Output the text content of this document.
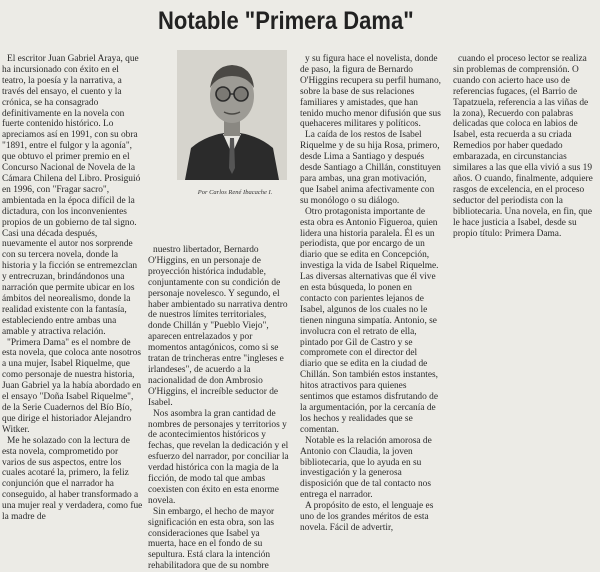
Notable "Primera Dama"
Por Carlos René Ibacache I.

El escritor Juan Gabriel Araya, que ha incursionado con éxito en el teatro, la poesía y la narrativa, a través del ensayo, el cuento y la crónica, se ha consagrado definitivamente en la novela con fuerte contenido histórico. Lo apreciamos así en 1991, con su obra "1891, entre el fulgor y la agonía", que obtuvo el primer premio en el Concurso Nacional de Novela de la Cámara Chilena del Libro. Prosiguió en 1996, con "Fragar sacro", ambientada en la época difícil de la dictadura, con los inconvenientes propios de un gobierno de tal signo. Casi una década después, nuevamente el autor nos sorprende con su tercera novela, donde la historia y la ficción se entremezclan y entrecruzan, brindándonos una narración que permite ubicar en los ámbitos del neorealismo, donde la realidad existente con la fantasía, estableciendo entre ambas una amable y atractiva relación.

"Primera Dama" es el nombre de esta novela, que coloca ante nosotros a una mujer, Isabel Riquelme, que como personaje de nuestra historia, Juan Gabriel ya la había abordado en el ensayo "Doña Isabel Riquelme", de la Serie Cuadernos del Bío Bío, que dirige el historiador Alejandro Witker.

Me he solazado con la lectura de esta novela, comprometido por varios de sus aspectos, entre los cuales acotaré la, primero, la feliz conjunción que el narrador ha conseguido, al haber transformado a una mujer real y verdadera, como fue la madre de

nuestro libertador, Bernardo O'Higgins, en un personaje de proyección histórica indudable, conjuntamente con su condición de personaje novelesco. Y segundo, el haber ambientado su narrativa dentro de nuestros límites territoriales, donde Chillán y "Pueblo Viejo", aparecen entrelazados y por momentos antagónicos, como si se tratan de trincheras entre "ingleses e irlandeses", de acuerdo a la nacionalidad de don Ambrosio O'Higgins, el increíble seductor de Isabel.

Nos asombra la gran cantidad de nombres de personajes y territorios y de acontecimientos históricos y fechas, que revelan la dedicación y el esfuerzo del narrador, por conciliar la verdad histórica con la magia de la ficción, de modo tal que ambas coexisten con éxito en esta enorme novela.

Sin embargo, el hecho de mayor significación en esta obra, son las consideraciones que Isabel ya muerta, hace en el fondo de su sepultura. Está clara la intención rehabilitadora que de su nombre

y su figura hace el novelista, donde de paso, la figura de Bernardo O'Higgins recupera su perfil humano, sobre la base de sus relaciones familiares y amistades, que han tenido mucho menor difusión que sus quehaceres militares y políticos.

La caída de los restos de Isabel Riquelme y de su hija Rosa, primero, desde Lima a Santiago y después desde Santiago a Chillán, constituyen para ambas, una gran motivación, que Isabel anima afectivamente con su monólogo o su diálogo.

Otro protagonista importante de esta obra es Antonio Figueroa, quien lidera una historia paralela. Él es un periodista, que por encargo de un diario que se edita en Concepción, investiga la vida de Isabel Riquelme. Las diversas alternativas que él vive en esta búsqueda, lo ponen en contacto con parientes lejanos de Isabel, algunos de los cuales no le tienen ninguna simpatía. Antonio, se involucra con el retrato de ella, pintado por Gil de Castro y se compromete con el director del diario que se edita en la ciudad de Chillán. Son también estos instantes, hitos atractivos para quienes sentimos que estamos disfrutando de la argumentación, por la cercanía de los hechos y realidades que se comentan.

Notable es la relación amorosa de Antonio con Claudia, la joven bibliotecaria, que lo ayuda en su investigación y la generosa disposición que de tal contacto nos entrega el narrador.

A propósito de esto, el lenguaje es uno de los grandes méritos de esta novela. Fácil de advertir,

cuando el proceso lector se realiza sin problemas de comprensión. O cuando con acierto hace uso de referencias fugaces, (el Barrio de Tapatzuela, referencia a las viñas de la zona), Recuerdo con palabras delicadas que coloca en labios de Isabel, esta recuerda a su criada Remedios por haber quedado embarazada, en circunstancias similares a las que ella vivió a sus 19 años. O cuando, finalmente, adquiere rasgos de excelencia, en el proceso seductor del periodista con la bibliotecaria. Una novela, en fin, que le hace justicia a Isabel, desde su propio título: Primera Dama.
